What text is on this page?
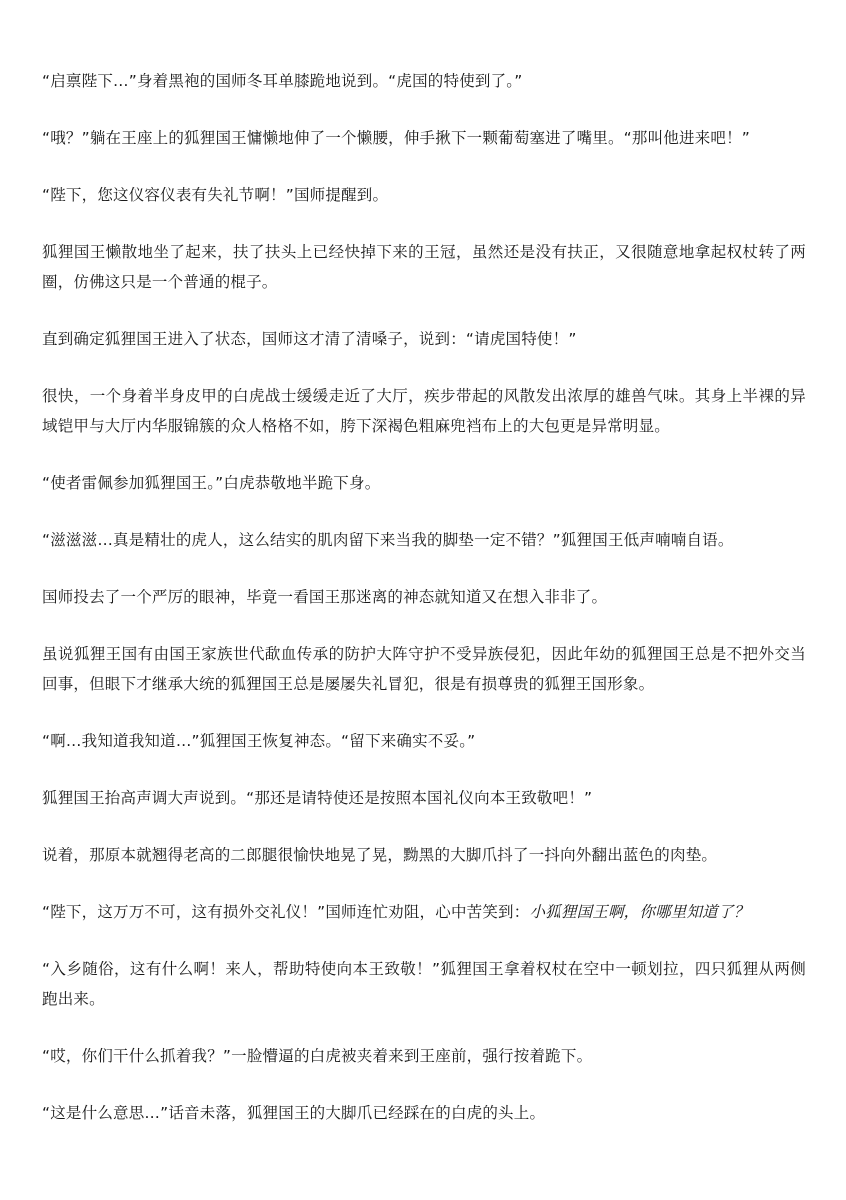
“启禀陛下…”身着黑袍的国师冬耳单膝跪地说到。“虎国的特使到了。”

“哦？”躺在王座上的狐狸国王慵懒地伸了一个懒腰，伸手揪下一颗葡萄塞进了嘴里。“那叫他进来吧！”

“陛下，您这仪容仪表有失礼节啊！”国师提醒到。

狐狸国王懒散地坐了起来，扶了扶头上已经快掉下来的王冠，虽然还是没有扶正，又很随意地拿起权杖转了两圈，仿佛这只是一个普通的棍子。

直到确定狐狸国王进入了状态，国师这才清了清嗓子，说到：“请虎国特使！”

很快，一个身着半身皮甲的白虎战士缓缓走近了大厅，疾步带起的风散发出浓厚的雄兽气味。其身上半裸的异域铠甲与大厅内华服锦簇的众人格格不如，胯下深褐色粗麻兜裆布上的大包更是异常明显。

“使者雷佩参加狐狸国王。”白虎恭敬地半跪下身。

“滋滋滋…真是精壮的虎人，这么结实的肌肉留下来当我的脚垫一定不错？”狐狸国王低声喃喃自语。

国师投去了一个严厉的眼神，毕竟一看国王那迷离的神态就知道又在想入非非了。

虽说狐狸王国有由国王家族世代歃血传承的防护大阵守护不受异族侵犯，因此年幼的狐狸国王总是不把外交当回事，但眼下才继承大统的狐狸国王总是屡屡失礼冒犯，很是有损尊贵的狐狸王国形象。

“啊…我知道我知道…”狐狸国王恢复神态。“留下来确实不妥。”

狐狸国王抬高声调大声说到。“那还是请特使还是按照本国礼仪向本王致敬吧！”

说着，那原本就翘得老高的二郎腿很愉快地晃了晃，黝黑的大脚爪抖了一抖向外翻出蓝色的肉垫。

“陛下，这万万不可，这有损外交礼仪！”国师连忙劝阻，心中苦笑到：小狐狸国王啊，你哪里知道了？

“入乡随俗，这有什么啊！来人，帮助特使向本王致敬！”狐狸国王拿着权杖在空中一顿划拉，四只狐狸从两侧跑出来。

“哎，你们干什么抓着我？”一脸懵逼的白虎被夹着来到王座前，强行按着跪下。

“这是什么意思…”话音未落，狐狸国王的大脚爪已经踩在的白虎的头上。
